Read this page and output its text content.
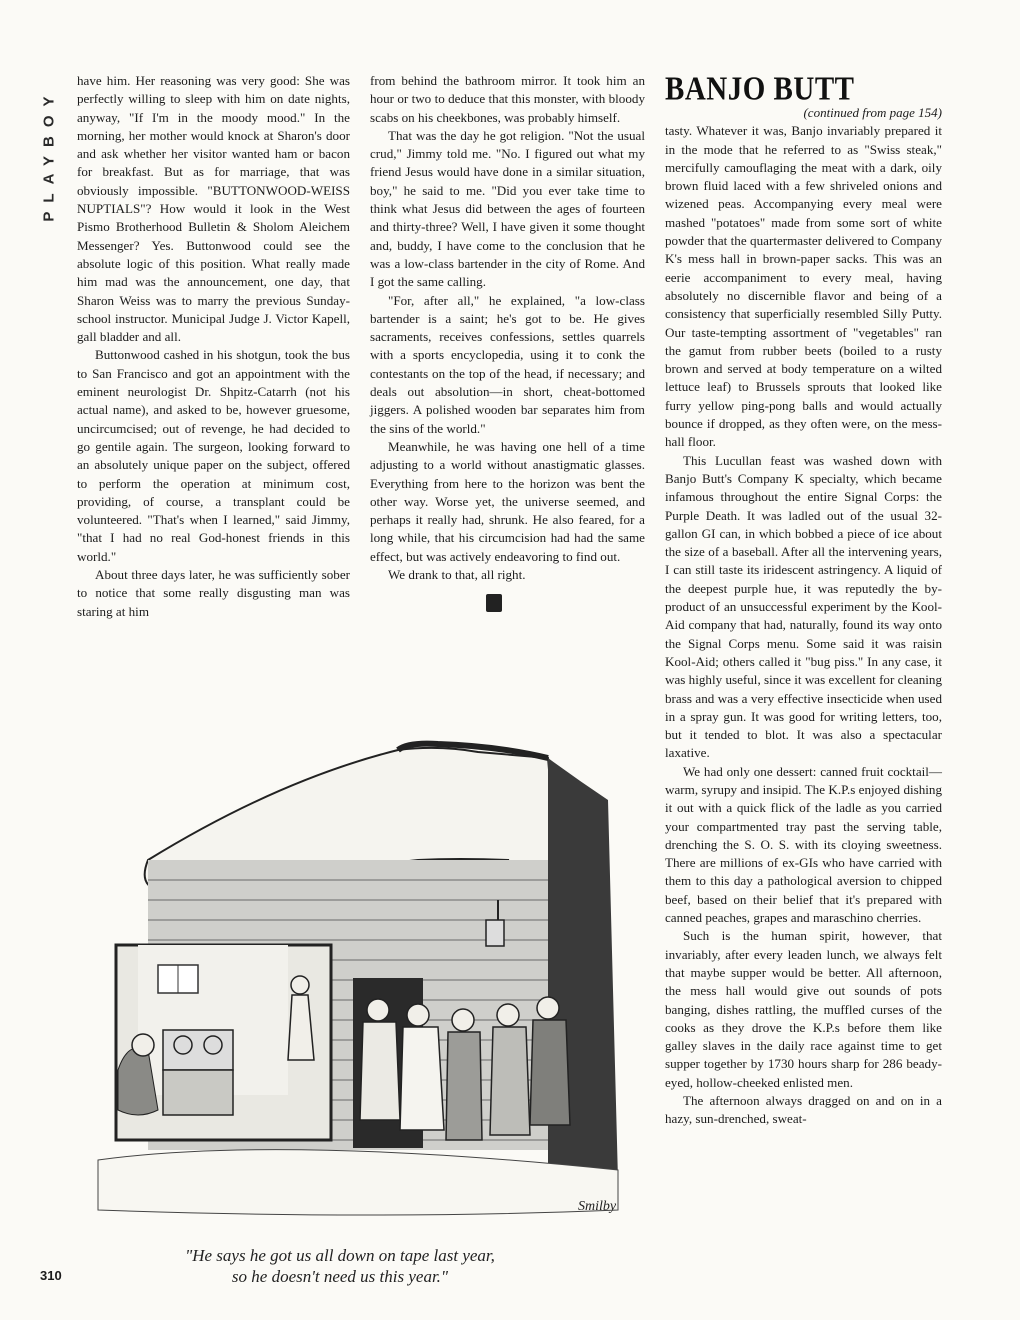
PLAYBOY

have him. Her reasoning was very good: She was perfectly willing to sleep with him on date nights, anyway, "If I'm in the moody mood." In the morning, her mother would knock at Sharon's door and ask whether her visitor wanted ham or bacon for breakfast. But as for marriage, that was obviously impossible. "BUTTONWOOD-WEISS NUPTIALS"? How would it look in the West Pismo Brotherhood Bulletin & Sholom Aleichem Messenger? Yes. Buttonwood could see the absolute logic of this position. What really made him mad was the announcement, one day, that Sharon Weiss was to marry the previous Sunday-school instructor. Municipal Judge J. Victor Kapell, gall bladder and all.

Buttonwood cashed in his shotgun, took the bus to San Francisco and got an appointment with the eminent neurologist Dr. Shpitz-Catarrh (not his actual name), and asked to be, however gruesome, uncircumcised; out of revenge, he had decided to go gentile again. The surgeon, looking forward to an absolutely unique paper on the subject, offered to perform the operation at minimum cost, providing, of course, a transplant could be volunteered. "That's when I learned," said Jimmy, "that I had no real God-honest friends in this world."

About three days later, he was sufficiently sober to notice that some really disgusting man was staring at him

from behind the bathroom mirror. It took him an hour or two to deduce that this monster, with bloody scabs on his cheekbones, was probably himself.

That was the day he got religion. "Not the usual crud," Jimmy told me. "No. I figured out what my friend Jesus would have done in a similar situation, boy," he said to me. "Did you ever take time to think what Jesus did between the ages of fourteen and thirty-three? Well, I have given it some thought and, buddy, I have come to the conclusion that he was a low-class bartender in the city of Rome. And I got the same calling.

"For, after all," he explained, "a low-class bartender is a saint; he's got to be. He gives sacraments, receives confessions, settles quarrels with a sports encyclopedia, using it to conk the contestants on the top of the head, if necessary; and deals out absolution—in short, cheat-bottomed jiggers. A polished wooden bar separates him from the sins of the world."

Meanwhile, he was having one hell of a time adjusting to a world without anastigmatic glasses. Everything from here to the horizon was bent the other way. Worse yet, the universe seemed, and perhaps it really had, shrunk. He also feared, for a long while, that his circumcision had had the same effect, but was actively endeavoring to find out.

We drank to that, all right.

BANJO BUTT

(continued from page 154)

tasty. Whatever it was, Banjo invariably prepared it in the mode that he referred to as "Swiss steak," mercifully camouflaging the meat with a dark, oily brown fluid laced with a few shriveled onions and wizened peas. Accompanying every meal were mashed "potatoes" made from some sort of white powder that the quartermaster delivered to Company K's mess hall in brown-paper sacks. This was an eerie accompaniment to every meal, having absolutely no discernible flavor and being of a consistency that superficially resembled Silly Putty. Our taste-tempting assortment of "vegetables" ran the gamut from rubber beets (boiled to a rusty brown and served at body temperature on a wilted lettuce leaf) to Brussels sprouts that looked like furry yellow ping-pong balls and would actually bounce if dropped, as they often were, on the mess-hall floor.

This Lucullan feast was washed down with Banjo Butt's Company K specialty, which became infamous throughout the entire Signal Corps: the Purple Death. It was ladled out of the usual 32-gallon GI can, in which bobbed a piece of ice about the size of a baseball. After all the intervening years, I can still taste its iridescent astringency. A liquid of the deepest purple hue, it was reputedly the by-product of an unsuccessful experiment by the Kool-Aid company that had, naturally, found its way onto the Signal Corps menu. Some said it was raisin Kool-Aid; others called it "bug piss." In any case, it was highly useful, since it was excellent for cleaning brass and was a very effective insecticide when used in a spray gun. It was good for writing letters, too, but it tended to blot. It was also a spectacular laxative.

We had only one dessert: canned fruit cocktail—warm, syrupy and insipid. The K.P.s enjoyed dishing it out with a quick flick of the ladle as you carried your compartmented tray past the serving table, drenching the S. O. S. with its cloying sweetness. There are millions of ex-GIs who have carried with them to this day a pathological aversion to chipped beef, based on their belief that it's prepared with canned peaches, grapes and maraschino cherries.

Such is the human spirit, however, that invariably, after every leaden lunch, we always felt that maybe supper would be better. All afternoon, the mess hall would give out sounds of pots banging, dishes rattling, the muffled curses of the cooks as they drove the K.P.s before them like galley slaves in the daily race against time to get supper together by 1730 hours sharp for 286 beady-eyed, hollow-cheeked enlisted men.

The afternoon always dragged on and on in a hazy, sun-drenched, sweat-

Smilby
"He says he got us all down on tape last year,
so he doesn't need us this year."
310
